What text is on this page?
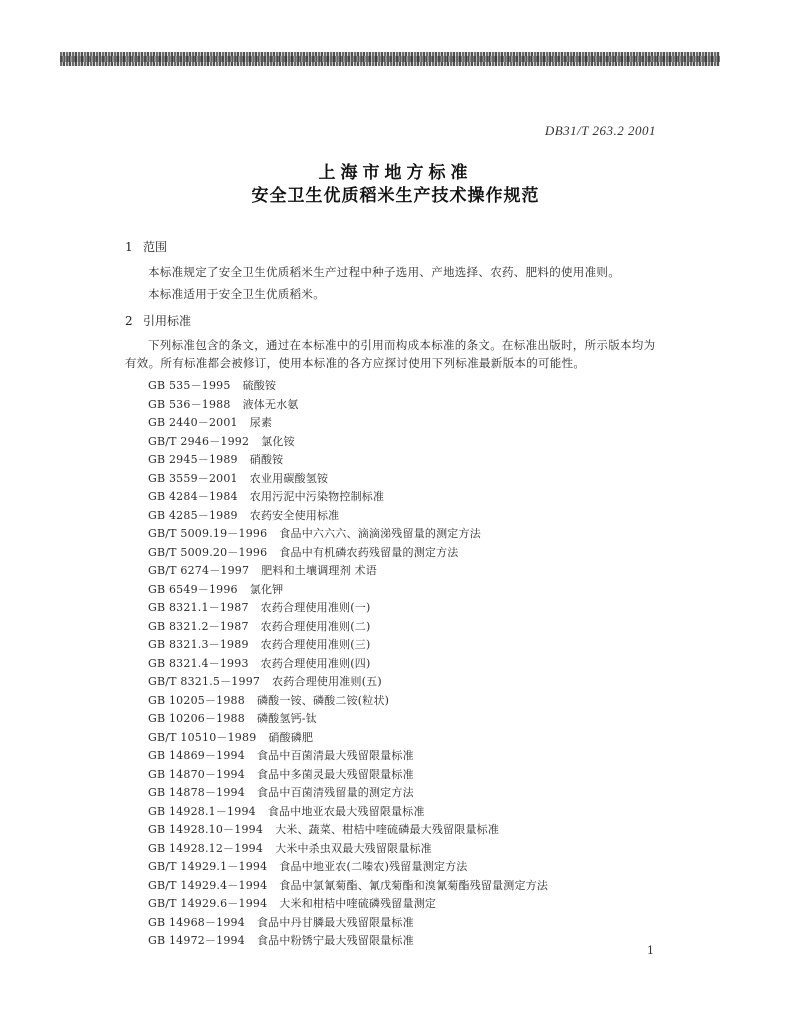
DB31/T 263.2 2001
上海市地方标准
安全卫生优质稻米生产技术操作规范
1 范围
本标准规定了安全卫生优质稻米生产过程中种子选用、产地选择、农药、肥料的使用准则。
本标准适用于安全卫生优质稻米。
2 引用标准
下列标准包含的条文，通过在本标准中的引用而构成本标准的条文。在标准出版时，所示版本均为
有效。所有标准都会被修订，使用本标准的各方应探讨使用下列标准最新版本的可能性。
GB 535－1995 硫酸铵
GB 536－1988 液体无水氨
GB 2440－2001 尿素
GB/T 2946－1992 氯化铵
GB 2945－1989 硝酸铵
GB 3559－2001 农业用碳酸氢铵
GB 4284－1984 农用污泥中污染物控制标准
GB 4285－1989 农药安全使用标准
GB/T 5009.19－1996 食品中六六六、滴滴涕残留量的测定方法
GB/T 5009.20－1996 食品中有机磷农药残留量的测定方法
GB/T 6274－1997 肥料和土壤调理剂 术语
GB 6549－1996 氯化钾
GB 8321.1－1987 农药合理使用准则(一)
GB 8321.2－1987 农药合理使用准则(二)
GB 8321.3－1989 农药合理使用准则(三)
GB 8321.4－1993 农药合理使用准则(四)
GB/T 8321.5－1997 农药合理使用准则(五)
GB 10205－1988 磷酸一铵、磷酸二铵(粒状)
GB 10206－1988 磷酸氢钙-钛
GB/T 10510－1989 硝酸磷肥
GB 14869－1994 食品中百菌清最大残留限量标准
GB 14870－1994 食品中多菌灵最大残留限量标准
GB 14878－1994 食品中百菌清残留量的测定方法
GB 14928.1－1994 食品中地亚农最大残留限量标准
GB 14928.10－1994 大米、蔬菜、柑桔中喹硫磷最大残留限量标准
GB 14928.12－1994 大米中杀虫双最大残留限量标准
GB/T 14929.1－1994 食品中地亚农(二嗪农)残留量测定方法
GB/T 14929.4－1994 食品中氯氰菊酯、氰戊菊酯和溴氰菊酯残留量测定方法
GB/T 14929.6－1994 大米和柑桔中喹硫磷残留量测定
GB 14968－1994 食品中丹甘膦最大残留限量标准
GB 14972－1994 食品中粉锈宁最大残留限量标准
1
